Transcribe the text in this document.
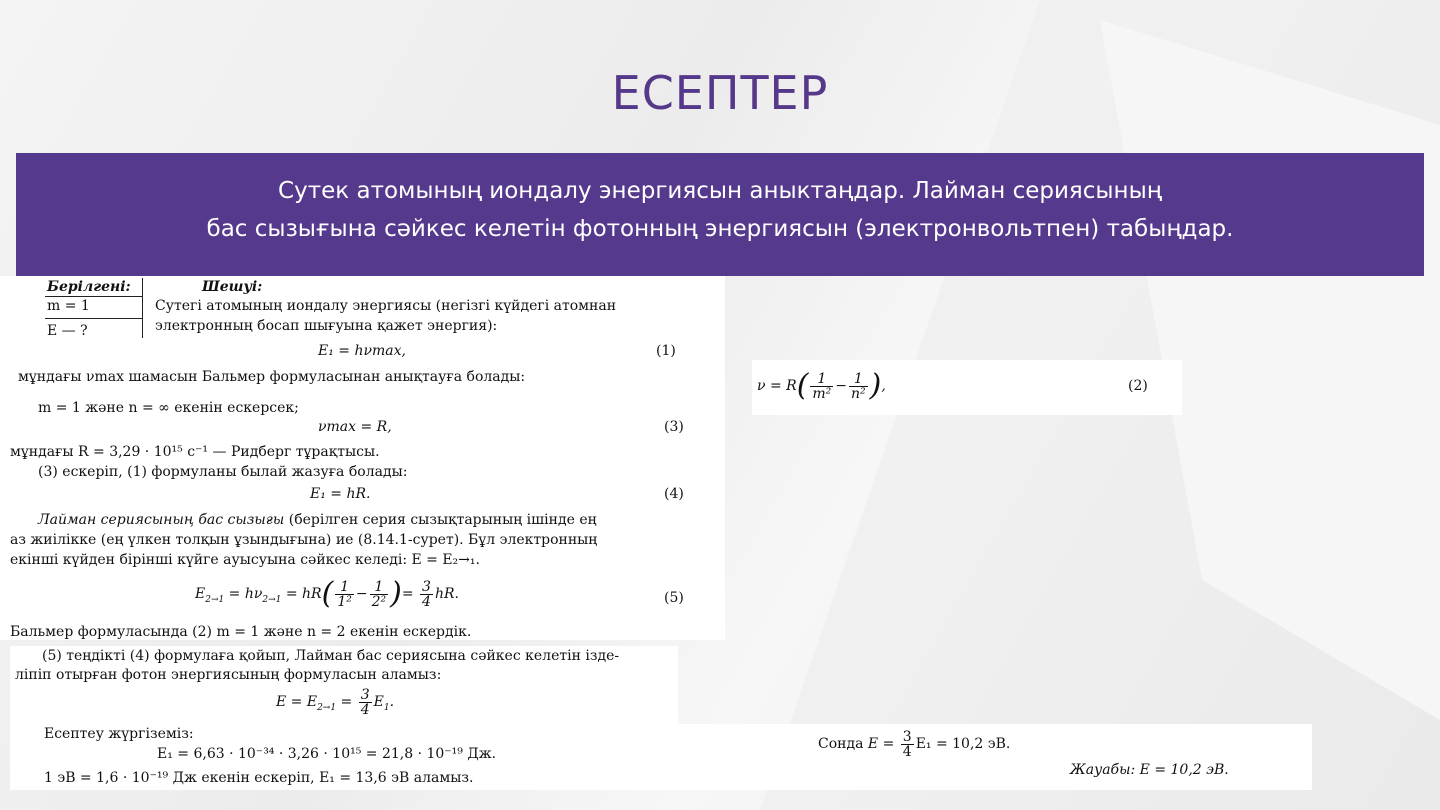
ЕСЕПТЕР
Сутек атомының иондалу энергиясын аныктаңдар. Лайман сериясының
бас сызығына сәйкес келетін фотонның энергиясын (электронвольтпен) табыңдар.
Берілгені:	Шешуі:
m = 1
E — ?
Сутегі атомының иондалу энергиясы (негізгі күйдегі атомнан
электронның босап шығуына қажет энергия):
E₁ = hνmax,	(1)
мұндағы νmax шамасын Бальмер формуласынан анықтауға болады:
m = 1 және n = ∞ екенін ескерсек;
νmax = R,	(3)
мұндағы R = 3,29 · 10¹⁵ с⁻¹ — Ридберг тұрақтысы.
(3) ескеріп, (1) формуланы былай жазуға болады:
E₁ = hR.	(4)
Лайман сериясының бас сызығы (берілген серия сызықтарының ішінде ең
аз жиілікке (ең үлкен толқын ұзындығына) ие (8.14.1-сурет). Бұл электронның
екінші күйден бірінші күйге ауысуына сәйкес келеді: E = E₂→₁.
$E_{2\to 1} = h\nu_{2\to 1} = hR( \frac{1}{\text{1²}} - \frac{1}{\text{2²}}$ )= $\frac{3}{4}$ hR.	(5)
Бальмер формуласында (2) m = 1 және n = 2 екенін ескердік.
$\nu = R( \frac{1}{\text{m²}} - \frac{1}{\text{n²}}$ ),	(2)
(5) теңдікті (4) формулаға қойып, Лайман бас сериясына сәйкес келетін ізде-
ліпіп отырған фотон энергиясының формуласын аламыз:
$E = E_{2\to 1} = \frac{3}{4} E_1$.
Есептеу жүргіземіз:
E₁ = 6,63 · 10⁻³⁴ · 3,26 · 10¹⁵ = 21,8 · 10⁻¹⁹ Дж.
1 эВ = 1,6 · 10⁻¹⁹ Дж екенін ескеріп, E₁ = 13,6 эВ аламыз.
Сонда $E = \frac{3}{4} E_1 = 10,2$ эВ.
Жауабы: E = 10,2 эВ.
